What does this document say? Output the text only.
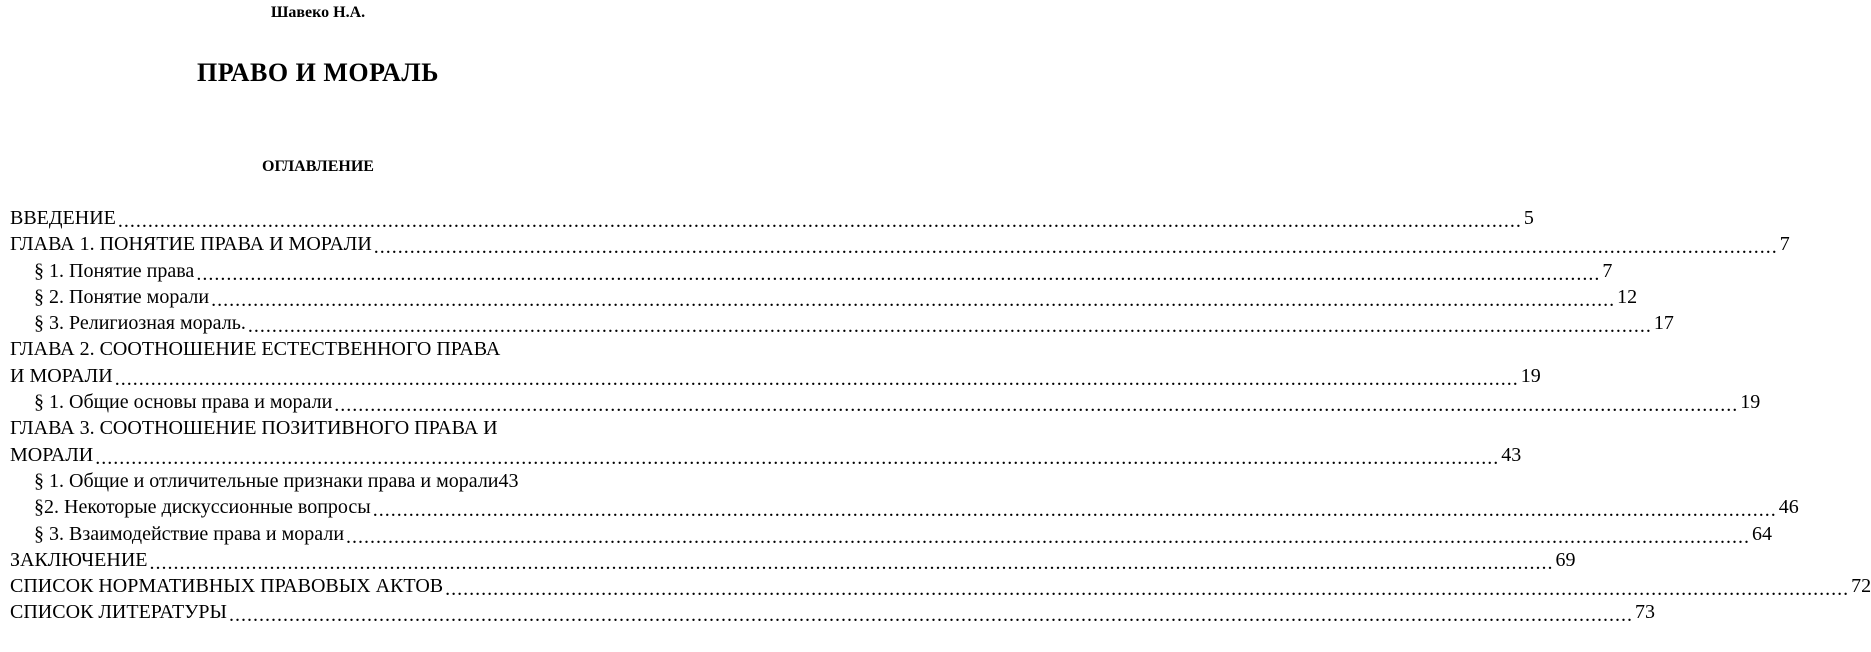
Шавеко Н.А.
ПРАВО И МОРАЛЬ
ОГЛАВЛЕНИЕ
ВВЕДЕНИЕ .....	5
ГЛАВА 1. ПОНЯТИЕ ПРАВА И МОРАЛИ .....	7
§ 1. Понятие права .....	7
§ 2. Понятие морали .....	12
§ 3. Религиозная мораль. .....	17
ГЛАВА 2. СООТНОШЕНИЕ ЕСТЕСТВЕННОГО ПРАВА
И МОРАЛИ .....	19
§ 1. Общие основы права и морали .....	19
ГЛАВА 3. СООТНОШЕНИЕ ПОЗИТИВНОГО ПРАВА И
МОРАЛИ .....	43
§ 1. Общие и отличительные признаки права и морали 43
§2. Некоторые дискуссионные вопросы .....	46
§ 3. Взаимодействие права и морали .....	64
ЗАКЛЮЧЕНИЕ .....	69
СПИСОК НОРМАТИВНЫХ ПРАВОВЫХ АКТОВ .....	72
СПИСОК ЛИТЕРАТУРЫ .....	73
